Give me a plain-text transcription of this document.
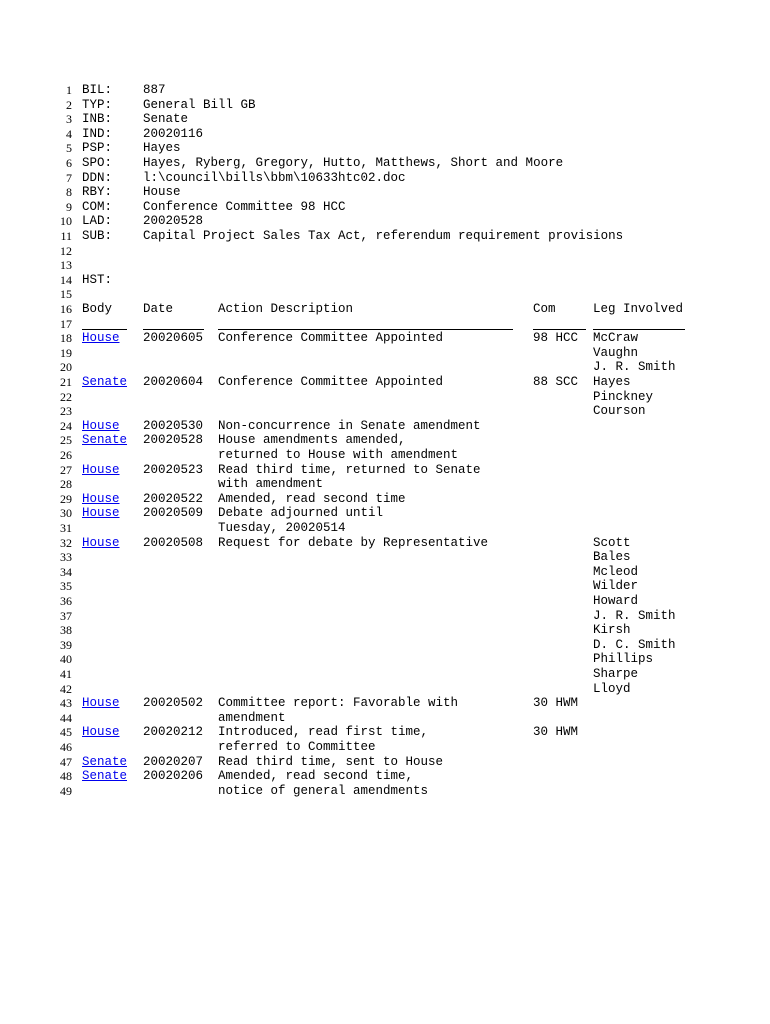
1 BIL: 887
2 TYP: General Bill GB
3 INB: Senate
4 IND: 20020116
5 PSP: Hayes
6 SPO: Hayes, Ryberg, Gregory, Hutto, Matthews, Short and Moore
7 DDN: l:\council\bills\bbm\10633htc02.doc
8 RBY: House
9 COM: Conference Committee 98 HCC
10 LAD: 20020528
11 SUB: Capital Project Sales Tax Act, referendum requirement provisions
12
13
14 HST:
15
16 Body Date	Action Description	Com	Leg Involved
17
18 House 20020605 Conference Committee Appointed	98 HCC McCraw
19	Vaughn
20	J. R. Smith
21 Senate 20020604 Conference Committee Appointed	88 SCC Hayes
22	Pinckney
23	Courson
24 House 20020530 Non-concurrence in Senate amendment
25 Senate 20020528 House amendments amended,
26	returned to House with amendment
27 House 20020523 Read third time, returned to Senate
28	with amendment
29 House 20020522 Amended, read second time
30 House 20020509 Debate adjourned until
31	Tuesday, 20020514
32 House 20020508 Request for debate by Representative	Scott
33	Bales
34	Mcleod
35	Wilder
36	Howard
37	J. R. Smith
38	Kirsh
39	D. C. Smith
40	Phillips
41	Sharpe
42	Lloyd
43 House 20020502 Committee report: Favorable with	30 HWM
44	amendment
45 House 20020212 Introduced, read first time,	30 HWM
46	referred to Committee
47 Senate 20020207 Read third time, sent to House
48 Senate 20020206 Amended, read second time,
49	notice of general amendments
